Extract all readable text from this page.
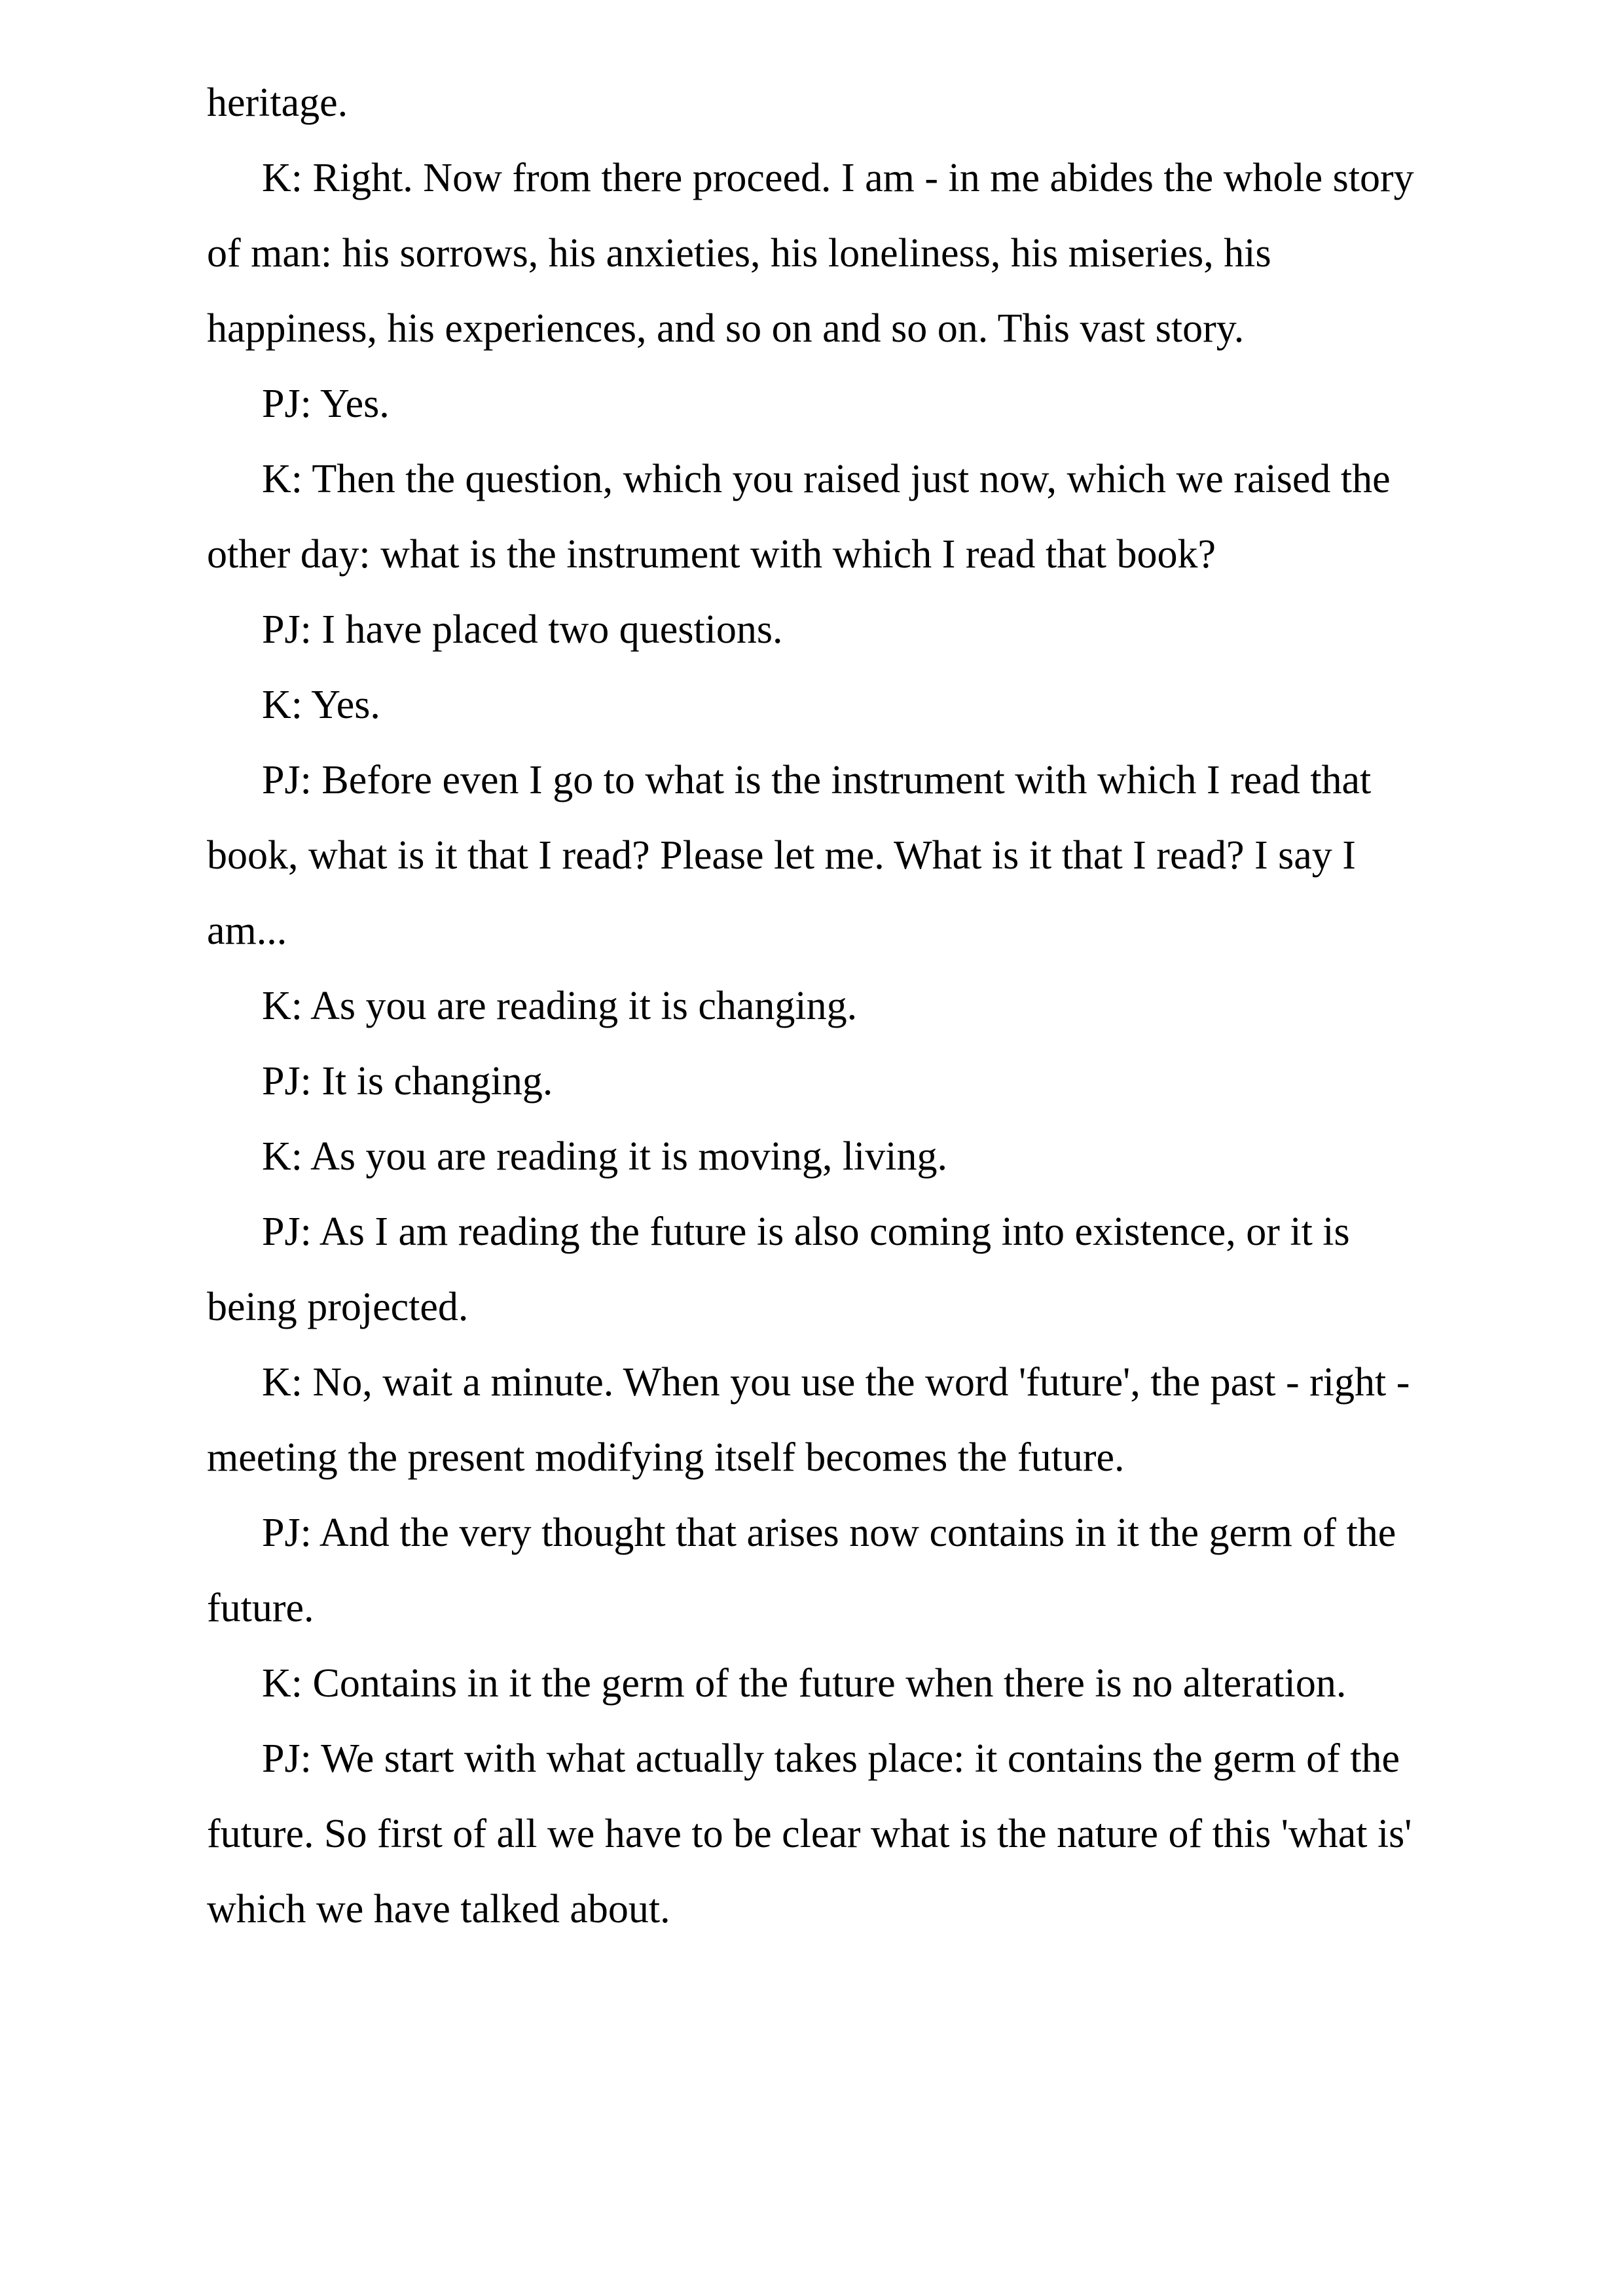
heritage.

K: Right. Now from there proceed. I am - in me abides the whole story of man: his sorrows, his anxieties, his loneliness, his miseries, his happiness, his experiences, and so on and so on. This vast story.

PJ: Yes.

K: Then the question, which you raised just now, which we raised the other day: what is the instrument with which I read that book?

PJ: I have placed two questions.

K: Yes.

PJ: Before even I go to what is the instrument with which I read that book, what is it that I read? Please let me. What is it that I read? I say I am...

K: As you are reading it is changing.

PJ: It is changing.

K: As you are reading it is moving, living.

PJ: As I am reading the future is also coming into existence, or it is being projected.

K: No, wait a minute. When you use the word 'future', the past - right - meeting the present modifying itself becomes the future.

PJ: And the very thought that arises now contains in it the germ of the future.

K: Contains in it the germ of the future when there is no alteration.

PJ: We start with what actually takes place: it contains the germ of the future. So first of all we have to be clear what is the nature of this 'what is' which we have talked about.
